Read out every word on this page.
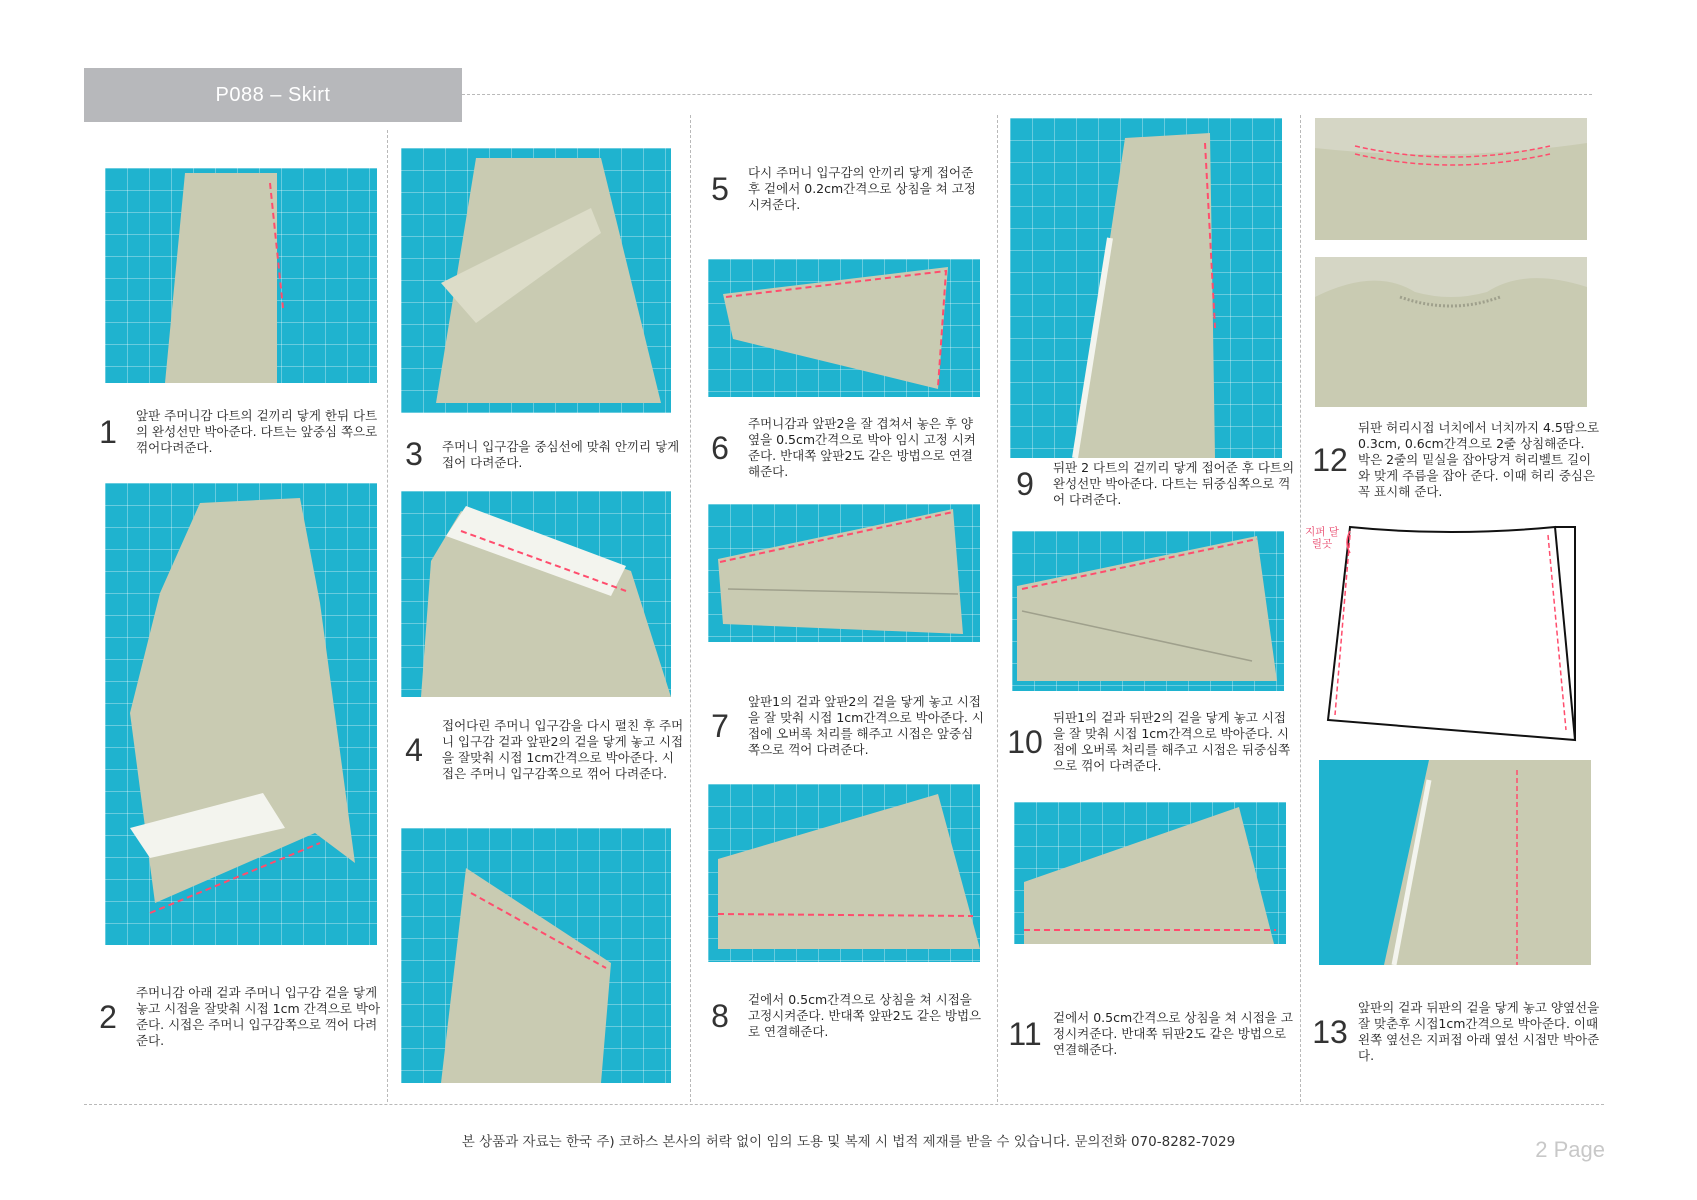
P088 – Skirt
1	앞판 주머니감 다트의 겉끼리 닿게 한뒤 다트의 완성선만 박아준다. 다트는 앞중심 쪽으로 꺾어다려준다.
2
주머니감 아래 겉과 주머니 입구감 겉을 닿게 놓고 시접을 잘맞춰 시접 1cm 간격으로 박아준다. 시접은 주머니 입구감쪽으로 꺽어 다려준다.
3	주머니 입구감을 중심선에 맞춰 안끼리 닿게 접어 다려준다.
4
접어다린 주머니 입구감을 다시 펼친 후 주머니 입구감 겉과 앞판2의 겉을 닿게 놓고 시접을 잘맞춰 시접 1cm간격으로 박아준다. 시접은 주머니 입구감쪽으로 꺾어 다려준다.
5	다시 주머니 입구감의 안끼리 닿게 접어준 후 겉에서 0.2cm간격으로 상침을 쳐 고정 시켜준다.
6
주머니감과 앞판2을 잘 겹쳐서 놓은 후 양 옆을 0.5cm간격으로 박아 임시 고정 시켜준다. 반대쪽 앞판2도 같은 방법으로 연결해준다.
7
앞판1의 겉과 앞판2의 겉을 닿게 놓고 시접을 잘 맞춰 시접 1cm간격으로 박아준다. 시접에 오버록 처리를 해주고 시접은 앞중심쪽으로 꺽어 다려준다.
8	겉에서 0.5cm간격으로 상침을 쳐 시접을 고정시켜준다. 반대쪽 앞판2도 같은 방법으로 연결해준다.
9	뒤판 2 다트의 겉끼리 닿게 접어준 후 다트의 완성선만 박아준다. 다트는 뒤중심쪽으로 꺽어 다려준다.
10
뒤판1의 겉과 뒤판2의 겉을 닿게 놓고 시접을 잘 맞춰 시접 1cm간격으로 박아준다. 시접에 오버록 처리를 해주고 시접은 뒤중심쪽으로 꺾어 다려준다.
11 겉에서 0.5cm간격으로 상침을 쳐 시접을 고정시켜준다. 반대쪽 뒤판2도 같은 방법으로 연결해준다.
12
뒤판 허리시접 너치에서 너치까지 4.5땀으로 0.3cm, 0.6cm간격으로 2줄 상침해준다. 박은 2줄의 밑실을 잡아당겨 허리벨트 길이와 맞게 주름을 잡아 준다. 이때 허리 중심은 꼭 표시해 준다.
지퍼 달릴곳
13
앞판의 겉과 뒤판의 겉을 닿게 놓고 양옆선을 잘 맞춘후 시접1cm간격으로 박아준다. 이때 왼쪽 옆선은 지퍼접 아래 옆선 시접만 박아준다.
본 상품과 자료는 한국 주) 코하스 본사의 허락 없이 임의 도용 및 복제 시 법적 제재를 받을 수 있습니다. 문의전화 070-8282-7029	2 Page
